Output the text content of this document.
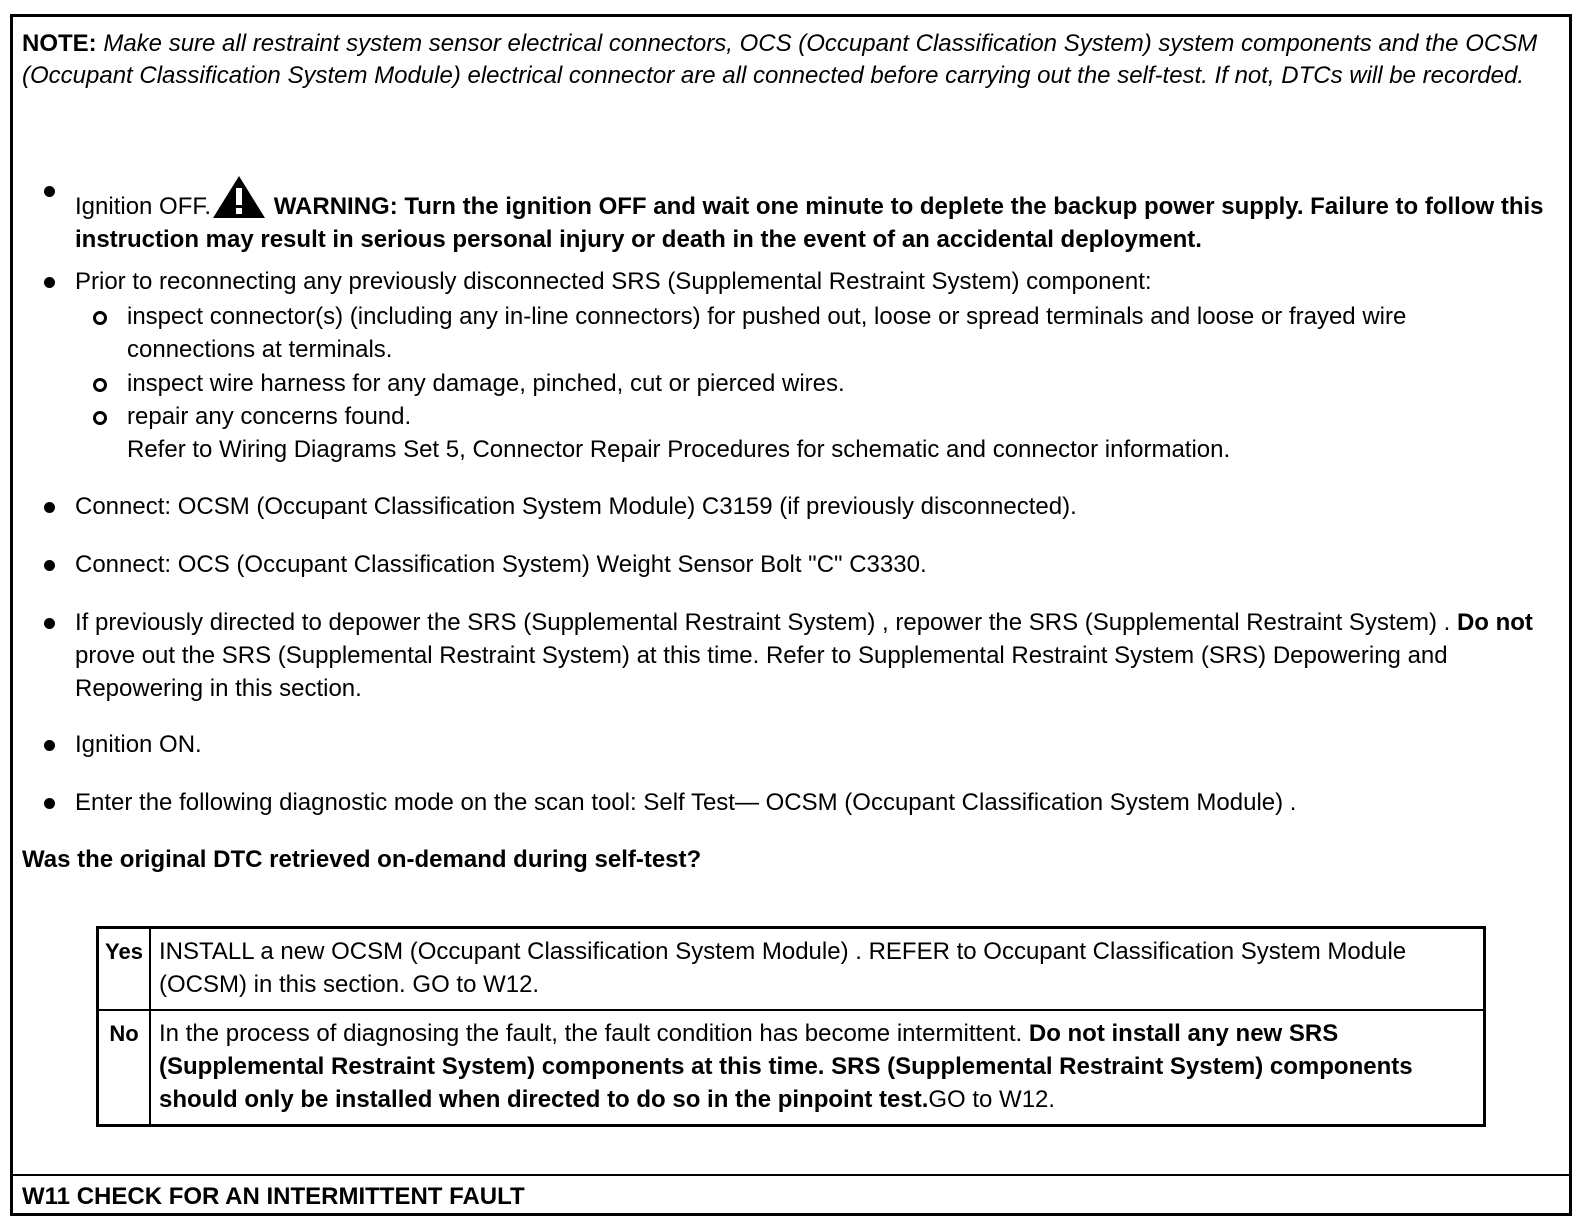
NOTE: Make sure all restraint system sensor electrical connectors, OCS (Occupant Classification System) system components and the OCSM (Occupant Classification System Module) electrical connector are all connected before carrying out the self-test. If not, DTCs will be recorded.
Ignition OFF. WARNING: Turn the ignition OFF and wait one minute to deplete the backup power supply. Failure to follow this instruction may result in serious personal injury or death in the event of an accidental deployment.
Prior to reconnecting any previously disconnected SRS (Supplemental Restraint System) component:
inspect connector(s) (including any in-line connectors) for pushed out, loose or spread terminals and loose or frayed wire connections at terminals.
inspect wire harness for any damage, pinched, cut or pierced wires.
repair any concerns found.
Refer to Wiring Diagrams Set 5, Connector Repair Procedures for schematic and connector information.
Connect: OCSM (Occupant Classification System Module) C3159 (if previously disconnected).
Connect: OCS (Occupant Classification System) Weight Sensor Bolt "C" C3330.
If previously directed to depower the SRS (Supplemental Restraint System) , repower the SRS (Supplemental Restraint System) . Do not prove out the SRS (Supplemental Restraint System) at this time. Refer to Supplemental Restraint System (SRS) Depowering and Repowering in this section.
Ignition ON.
Enter the following diagnostic mode on the scan tool: Self Test— OCSM (Occupant Classification System Module) .
Was the original DTC retrieved on-demand during self-test?
Yes	INSTALL a new OCSM (Occupant Classification System Module) . REFER to Occupant Classification System Module (OCSM) in this section. GO to W12.
No	In the process of diagnosing the fault, the fault condition has become intermittent. Do not install any new SRS (Supplemental Restraint System) components at this time. SRS (Supplemental Restraint System) components should only be installed when directed to do so in the pinpoint test.GO to W12.
W11 CHECK FOR AN INTERMITTENT FAULT
